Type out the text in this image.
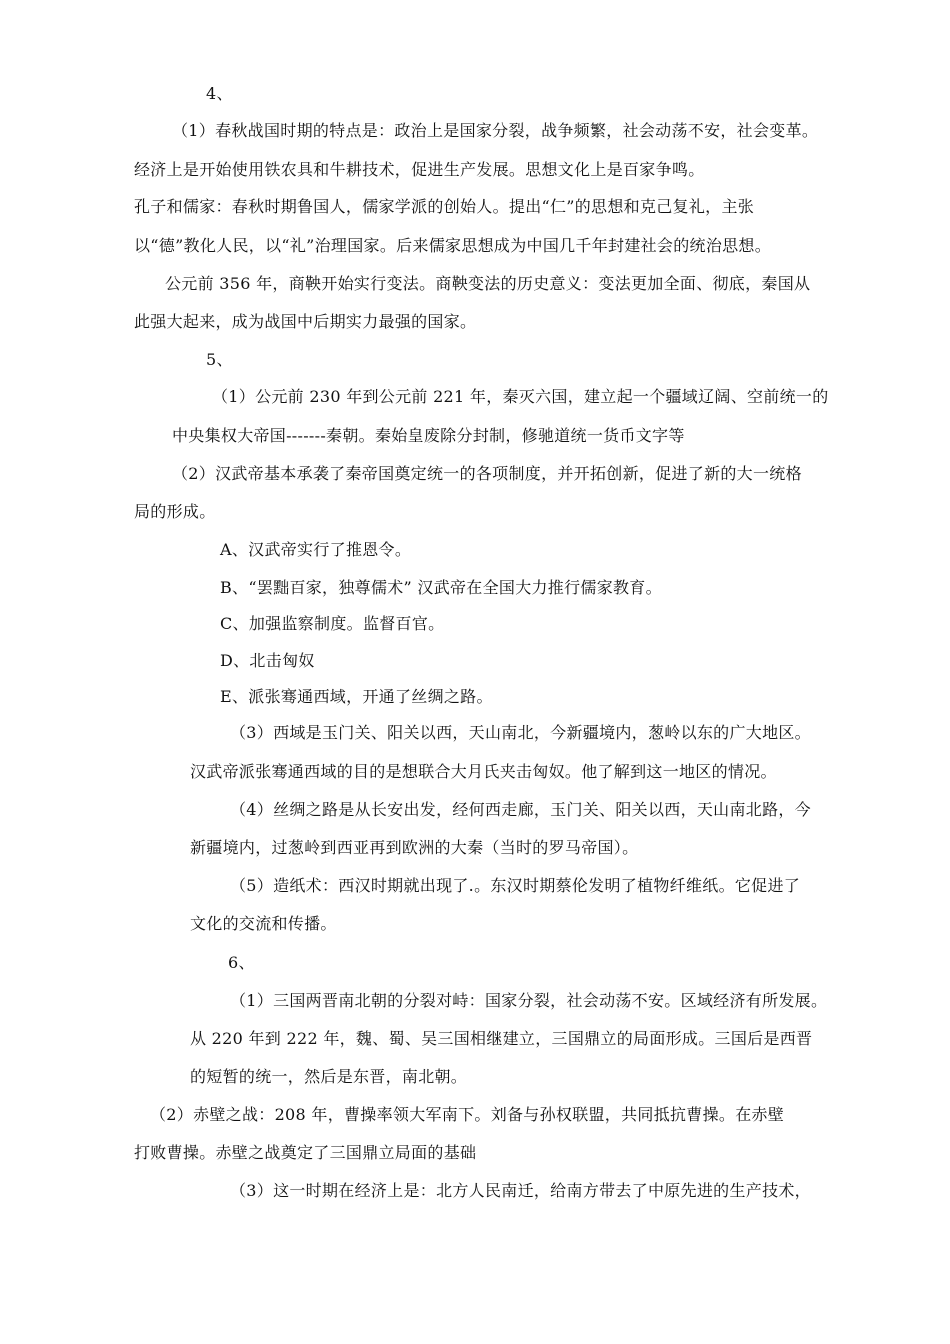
4、
（1）春秋战国时期的特点是：政治上是国家分裂，战争频繁，社会动荡不安，社会变革。
经济上是开始使用铁农具和牛耕技术，促进生产发展。思想文化上是百家争鸣。
孔子和儒家：春秋时期鲁国人，儒家学派的创始人。提出“仁”的思想和克己复礼，主张
以“德”教化人民，以“礼”治理国家。后来儒家思想成为中国几千年封建社会的统治思想。
公元前 356 年，商鞅开始实行变法。商鞅变法的历史意义：变法更加全面、彻底，秦国从
此强大起来，成为战国中后期实力最强的国家。
5、
（1）公元前 230 年到公元前 221 年，秦灭六国，建立起一个疆域辽阔、空前统一的
中央集权大帝国-------秦朝。秦始皇废除分封制，修驰道统一货币文字等
（2）汉武帝基本承袭了秦帝国奠定统一的各项制度，并开拓创新，促进了新的大一统格
局的形成。
A、汉武帝实行了推恩令。
B、“罢黜百家，独尊儒术” 汉武帝在全国大力推行儒家教育。
C、加强监察制度。监督百官。
D、北击匈奴
E、派张骞通西域，开通了丝绸之路。
（3）西域是玉门关、阳关以西，天山南北，今新疆境内，葱岭以东的广大地区。
汉武帝派张骞通西域的目的是想联合大月氏夹击匈奴。他了解到这一地区的情况。
（4）丝绸之路是从长安出发，经何西走廊，玉门关、阳关以西，天山南北路，今
新疆境内，过葱岭到西亚再到欧洲的大秦（当时的罗马帝国）。
（5）造纸术：西汉时期就出现了.。东汉时期蔡伦发明了植物纤维纸。它促进了
文化的交流和传播。
6、
（1）三国两晋南北朝的分裂对峙：国家分裂，社会动荡不安。区域经济有所发展。
从 220 年到 222 年，魏、蜀、吴三国相继建立，三国鼎立的局面形成。三国后是西晋
的短暂的统一，然后是东晋，南北朝。
（2）赤壁之战：208 年，曹操率领大军南下。刘备与孙权联盟，共同抵抗曹操。在赤壁
打败曹操。赤壁之战奠定了三国鼎立局面的基础
（3）这一时期在经济上是：北方人民南迁，给南方带去了中原先进的生产技术，
